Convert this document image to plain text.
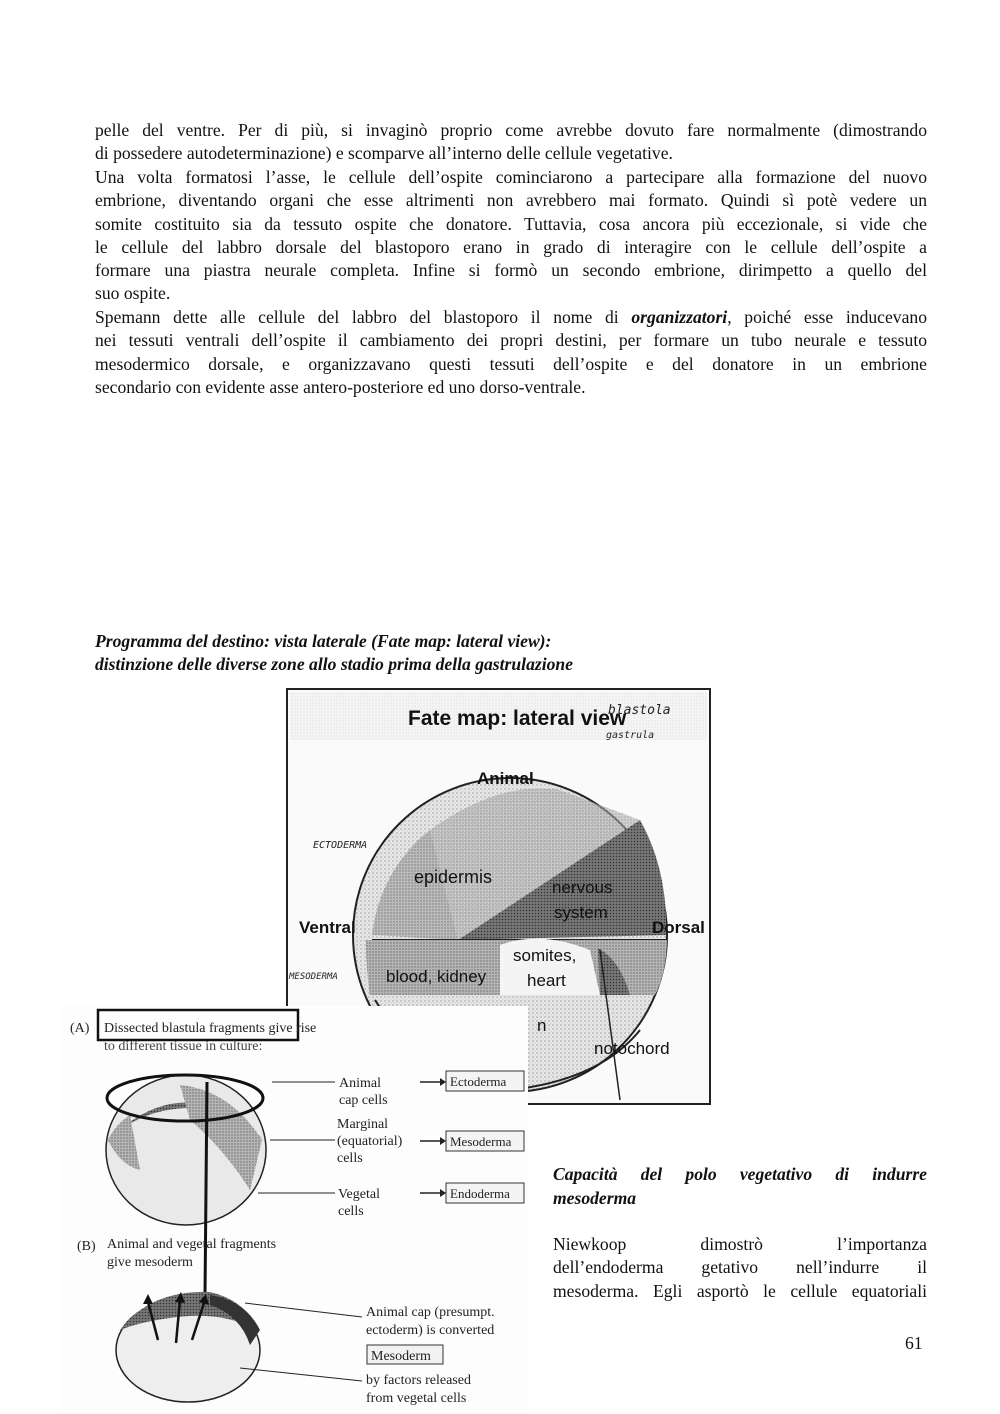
pelle del ventre. Per di più, si invaginò proprio come avrebbe dovuto fare normalmente (dimostrando
di possedere autodeterminazione) e scomparve all’interno delle cellule vegetative.
Una volta formatosi l’asse, le cellule dell’ospite cominciarono a partecipare alla formazione del nuovo
embrione, diventando organi che esse altrimenti non avrebbero mai formato. Quindi sì potè vedere un
somite costituito sia da tessuto ospite che donatore. Tuttavia, cosa ancora più eccezionale, si vide che
le cellule del labbro dorsale del blastoporo erano in grado di interagire con le cellule dell’ospite a
formare una piastra neurale completa. Infine si formò un secondo embrione, dirimpetto a quello del
suo ospite.
Spemann dette alle cellule del labbro del blastoporo il nome di organizzatori, poiché esse inducevano
nei tessuti ventrali dell’ospite il cambiamento dei propri destini, per formare un tubo neurale e tessuto
mesodermico dorsale, e organizzavano questi tessuti dell’ospite e del donatore in un embrione
secondario con evidente asse antero-posteriore ed uno dorso-ventrale.
Programma del destino: vista laterale (Fate map: lateral view):
distinzione delle diverse zone allo stadio prima della gastrulazione
Fate map: lateral view
blastola
gastrula
Animal
ECTODERMA
epidermis
nervous
system
Ventral	Dorsal
somites,
heart
MESODERMA	blood, kidney
n
notochord
(A) Dissected blastula fragments give rise
to different tissue in culture:
Animal
cap cells
Marginal
(equatorial)
cells
Vegetal
cells
Ectoderma
Mesoderma
Endoderma
(B) Animal and vegetal fragments
give mesoderm
Animal cap (presumpt.
ectoderm) is converted
Mesoderm
by factors released
from vegetal cells
Capacità del polo vegetativo di indurre
mesoderma
Niewkoop dimostrò l’importanza
dell’endoderma getativo nell’indurre il
mesoderma. Egli asportò le cellule equatoriali
61
